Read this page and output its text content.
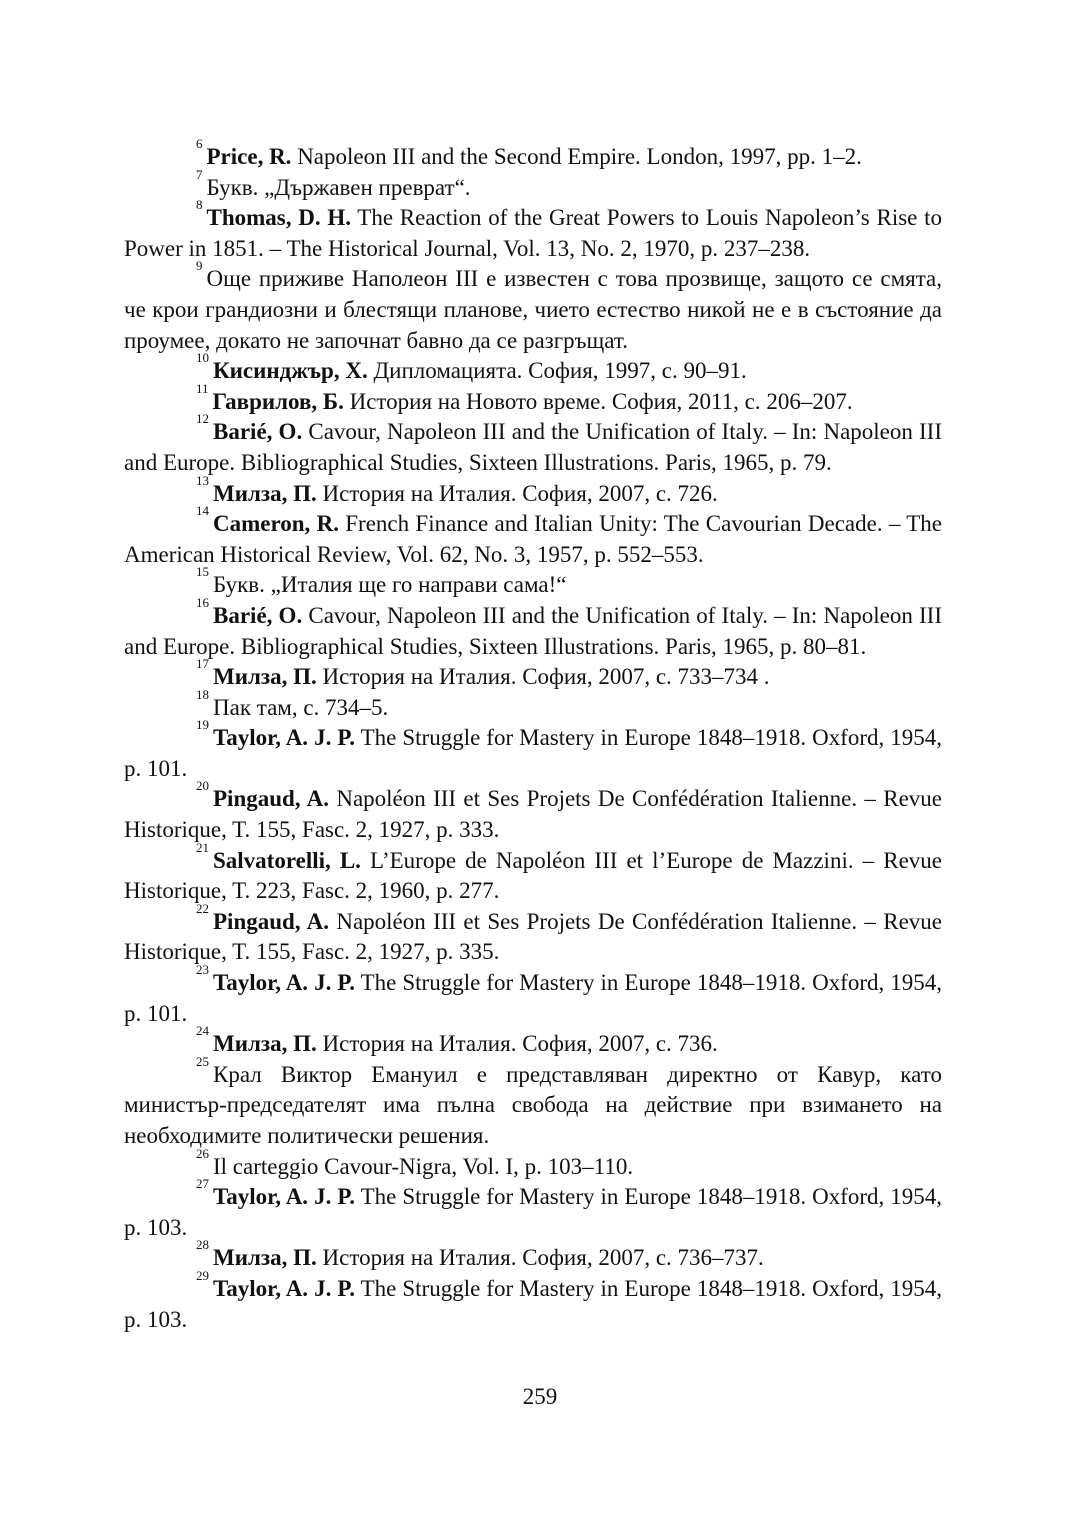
$^6$Price, R. Napoleon III and the Second Empire. London, 1997, pp. 1–2.

$^7$Букв. „Държавен преврат“.

$^8$Thomas, D. H. The Reaction of the Great Powers to Louis Napoleon’s Rise to Power in 1851. – The Historical Journal, Vol. 13, No. 2, 1970, p. 237–238.

$^9$Още приживе Наполеон III е известен с това прозвище, защото се смята, че крои грандиозни и блестящи планове, чието естество никой не е в състояние да проумее, докато не започнат бавно да се разгръщат.

$^{10}$Кисинджър, Х. Дипломацията. София, 1997, с. 90–91.

$^{11}$Гаврилов, Б. История на Новото време. София, 2011, с. 206–207.

$^{12}$Barié, O. Cavour, Napoleon III and the Unification of Italy. – In: Napoleon III and Europe. Bibliographical Studies, Sixteen Illustrations. Paris, 1965, p. 79.

$^{13}$Милза, П. История на Италия. София, 2007, с. 726.

$^{14}$Cameron, R. French Finance and Italian Unity: The Cavourian Decade. – The American Historical Review, Vol. 62, No. 3, 1957, p. 552–553.

$^{15}$Букв. „Италия ще го направи сама!“

$^{16}$Barié, O. Cavour, Napoleon III and the Unification of Italy. – In: Napoleon III and Europe. Bibliographical Studies, Sixteen Illustrations. Paris, 1965, p. 80–81.

$^{17}$Милза, П. История на Италия. София, 2007, с. 733–734 .

$^{18}$Пак там, с. 734–5.

$^{19}$Taylor, A. J. P. The Struggle for Mastery in Europe 1848–1918. Oxford, 1954, p. 101.

$^{20}$Pingaud, A. Napoléon III et Ses Projets De Confédération Italienne. – Revue Historique, T. 155, Fasc. 2, 1927, p. 333.

$^{21}$Salvatorelli, L. L’Europe de Napoléon III et l’Europe de Mazzini. – Revue Historique, T. 223, Fasc. 2, 1960, p. 277.

$^{22}$Pingaud, A. Napoléon III et Ses Projets De Confédération Italienne. – Revue Historique, T. 155, Fasc. 2, 1927, p. 335.

$^{23}$Taylor, A. J. P. The Struggle for Mastery in Europe 1848–1918. Oxford, 1954, p. 101.

$^{24}$Милза, П. История на Италия. София, 2007, с. 736.

$^{25}$Крал Виктор Емануил е представляван директно от Кавур, като министър-председателят има пълна свобода на действие при взимането на необходимите политически решения.

$^{26}$Il carteggio Cavour-Nigra, Vol. I, p. 103–110.

$^{27}$Taylor, A. J. P. The Struggle for Mastery in Europe 1848–1918. Oxford, 1954, p. 103.

$^{28}$Милза, П. История на Италия. София, 2007, с. 736–737.

$^{29}$Taylor, A. J. P. The Struggle for Mastery in Europe 1848–1918. Oxford, 1954, p. 103.

259
